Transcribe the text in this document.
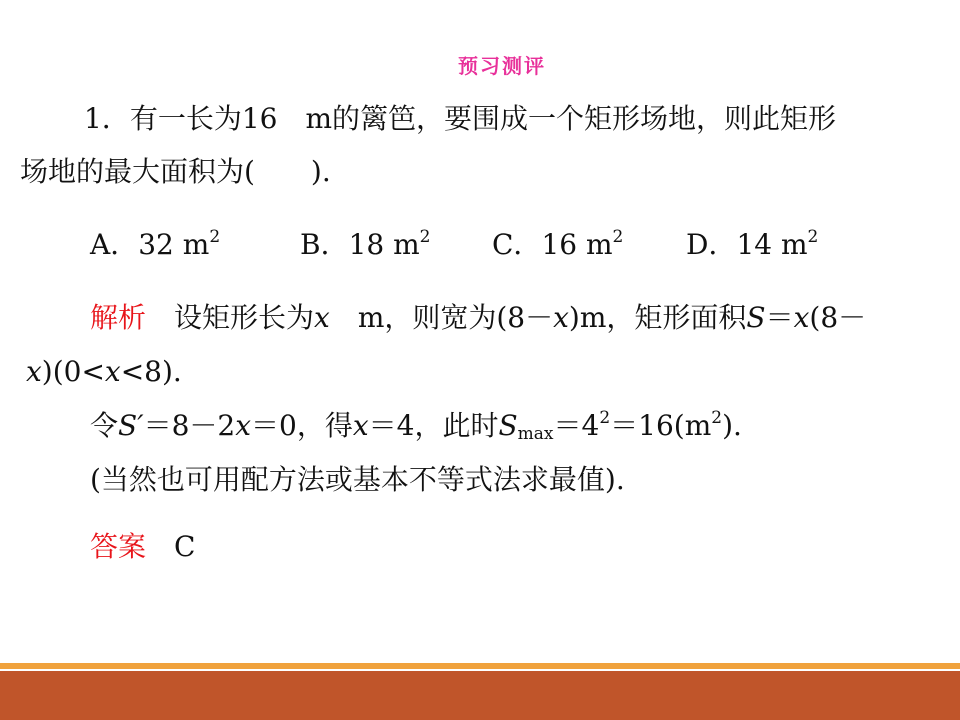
预习测评
1．有一长为16　m的篱笆，要围成一个矩形场地，则此矩形
场地的最大面积为(　　).
A．32 $m^2$	B．18 $m^2$ C．16 $m^2$ D．14 $m^2$
解析　设矩形长为x　m，则宽为(8－x)m，矩形面积S＝x(8－
x)(0<x<8).
令S′＝8－2x＝0，得x＝4，此时$S_{max}=4^2=16(m^2)$.
(当然也可用配方法或基本不等式法求最值).
答案　C
